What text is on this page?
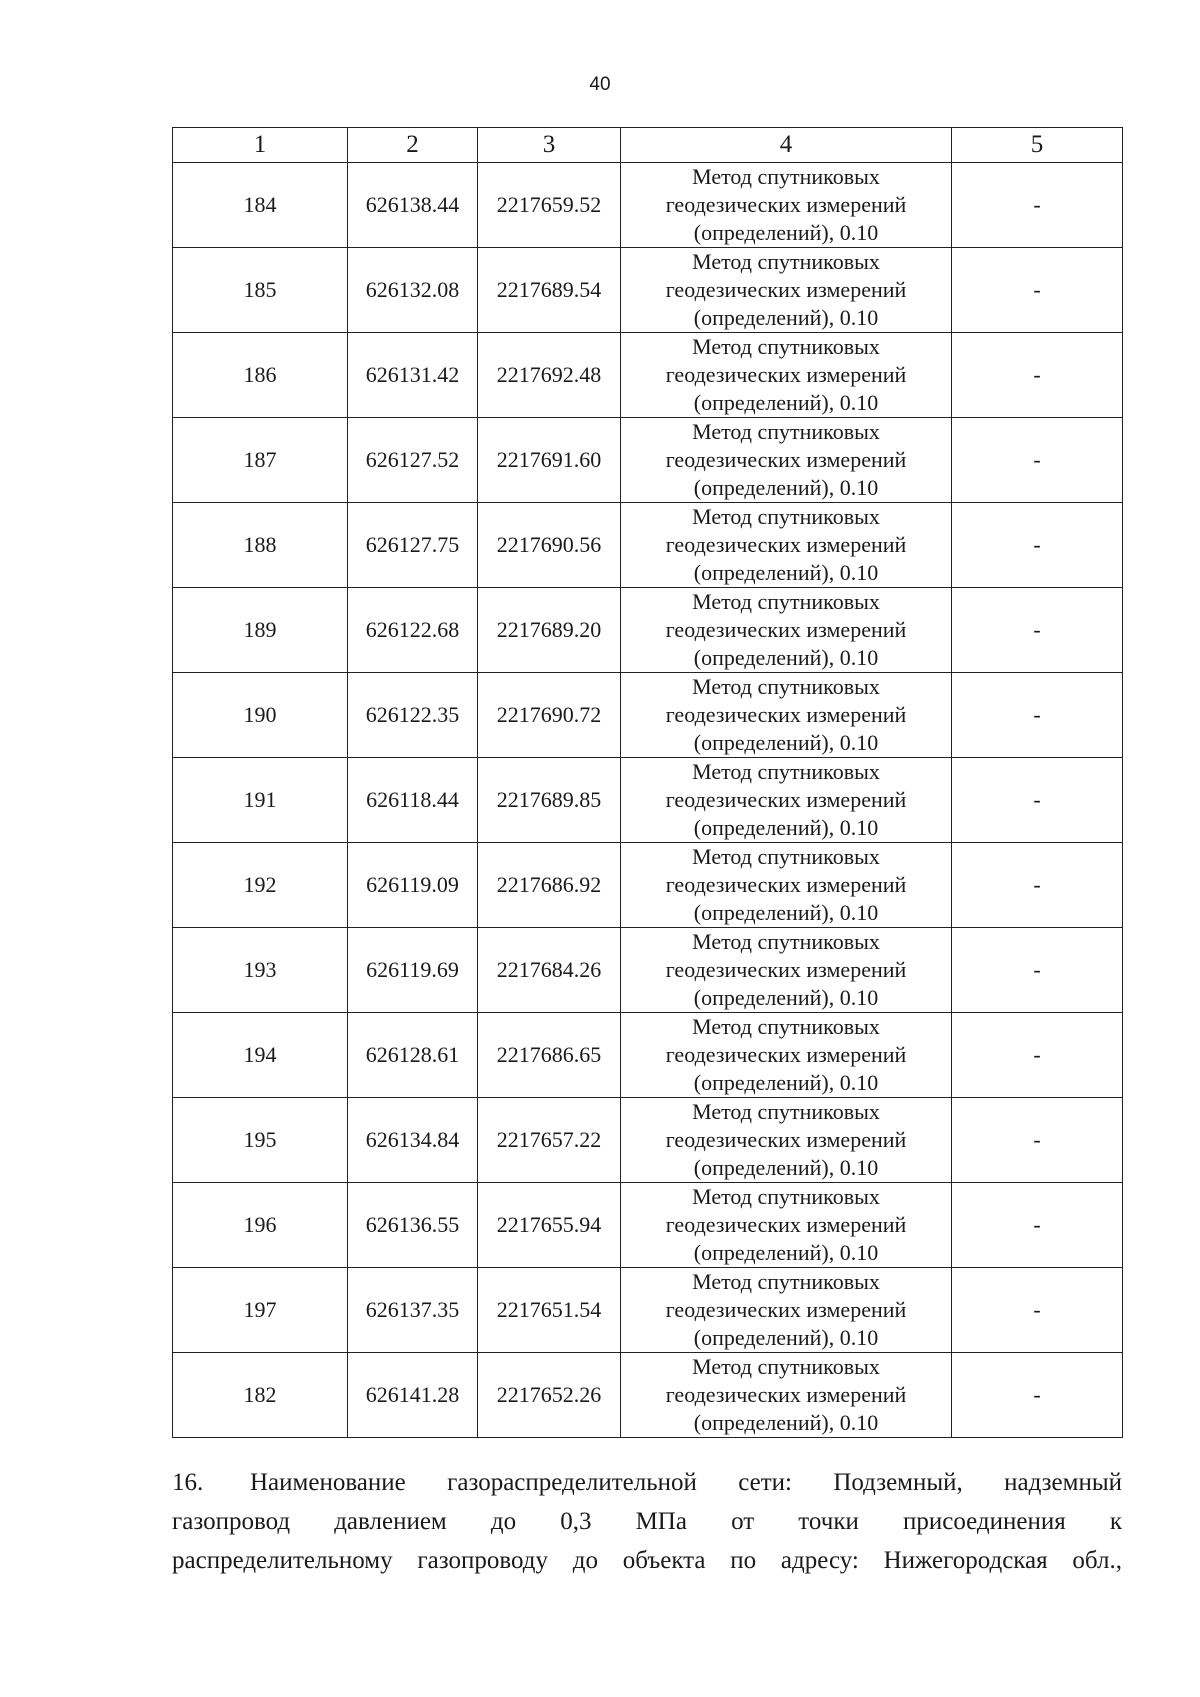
40
1	2	3	4	5
184	626138.44	2217659.52	Метод спутниковых
геодезических измерений
(определений), 0.10	-
185	626132.08	2217689.54	Метод спутниковых
геодезических измерений
(определений), 0.10	-
186	626131.42	2217692.48	Метод спутниковых
геодезических измерений
(определений), 0.10	-
187	626127.52	2217691.60	Метод спутниковых
геодезических измерений
(определений), 0.10	-
188	626127.75	2217690.56	Метод спутниковых
геодезических измерений
(определений), 0.10	-
189	626122.68	2217689.20	Метод спутниковых
геодезических измерений
(определений), 0.10	-
190	626122.35	2217690.72	Метод спутниковых
геодезических измерений
(определений), 0.10	-
191	626118.44	2217689.85	Метод спутниковых
геодезических измерений
(определений), 0.10	-
192	626119.09	2217686.92	Метод спутниковых
геодезических измерений
(определений), 0.10	-
193	626119.69	2217684.26	Метод спутниковых
геодезических измерений
(определений), 0.10	-
194	626128.61	2217686.65	Метод спутниковых
геодезических измерений
(определений), 0.10	-
195	626134.84	2217657.22	Метод спутниковых
геодезических измерений
(определений), 0.10	-
196	626136.55	2217655.94	Метод спутниковых
геодезических измерений
(определений), 0.10	-
197	626137.35	2217651.54	Метод спутниковых
геодезических измерений
(определений), 0.10	-
182	626141.28	2217652.26	Метод спутниковых
геодезических измерений
(определений), 0.10	-
16. Наименование газораспределительной сети: Подземный, надземный
газопровод давлением до 0,3 МПа от точки присоединения к
распределительному газопроводу до объекта по адресу: Нижегородская обл.,
